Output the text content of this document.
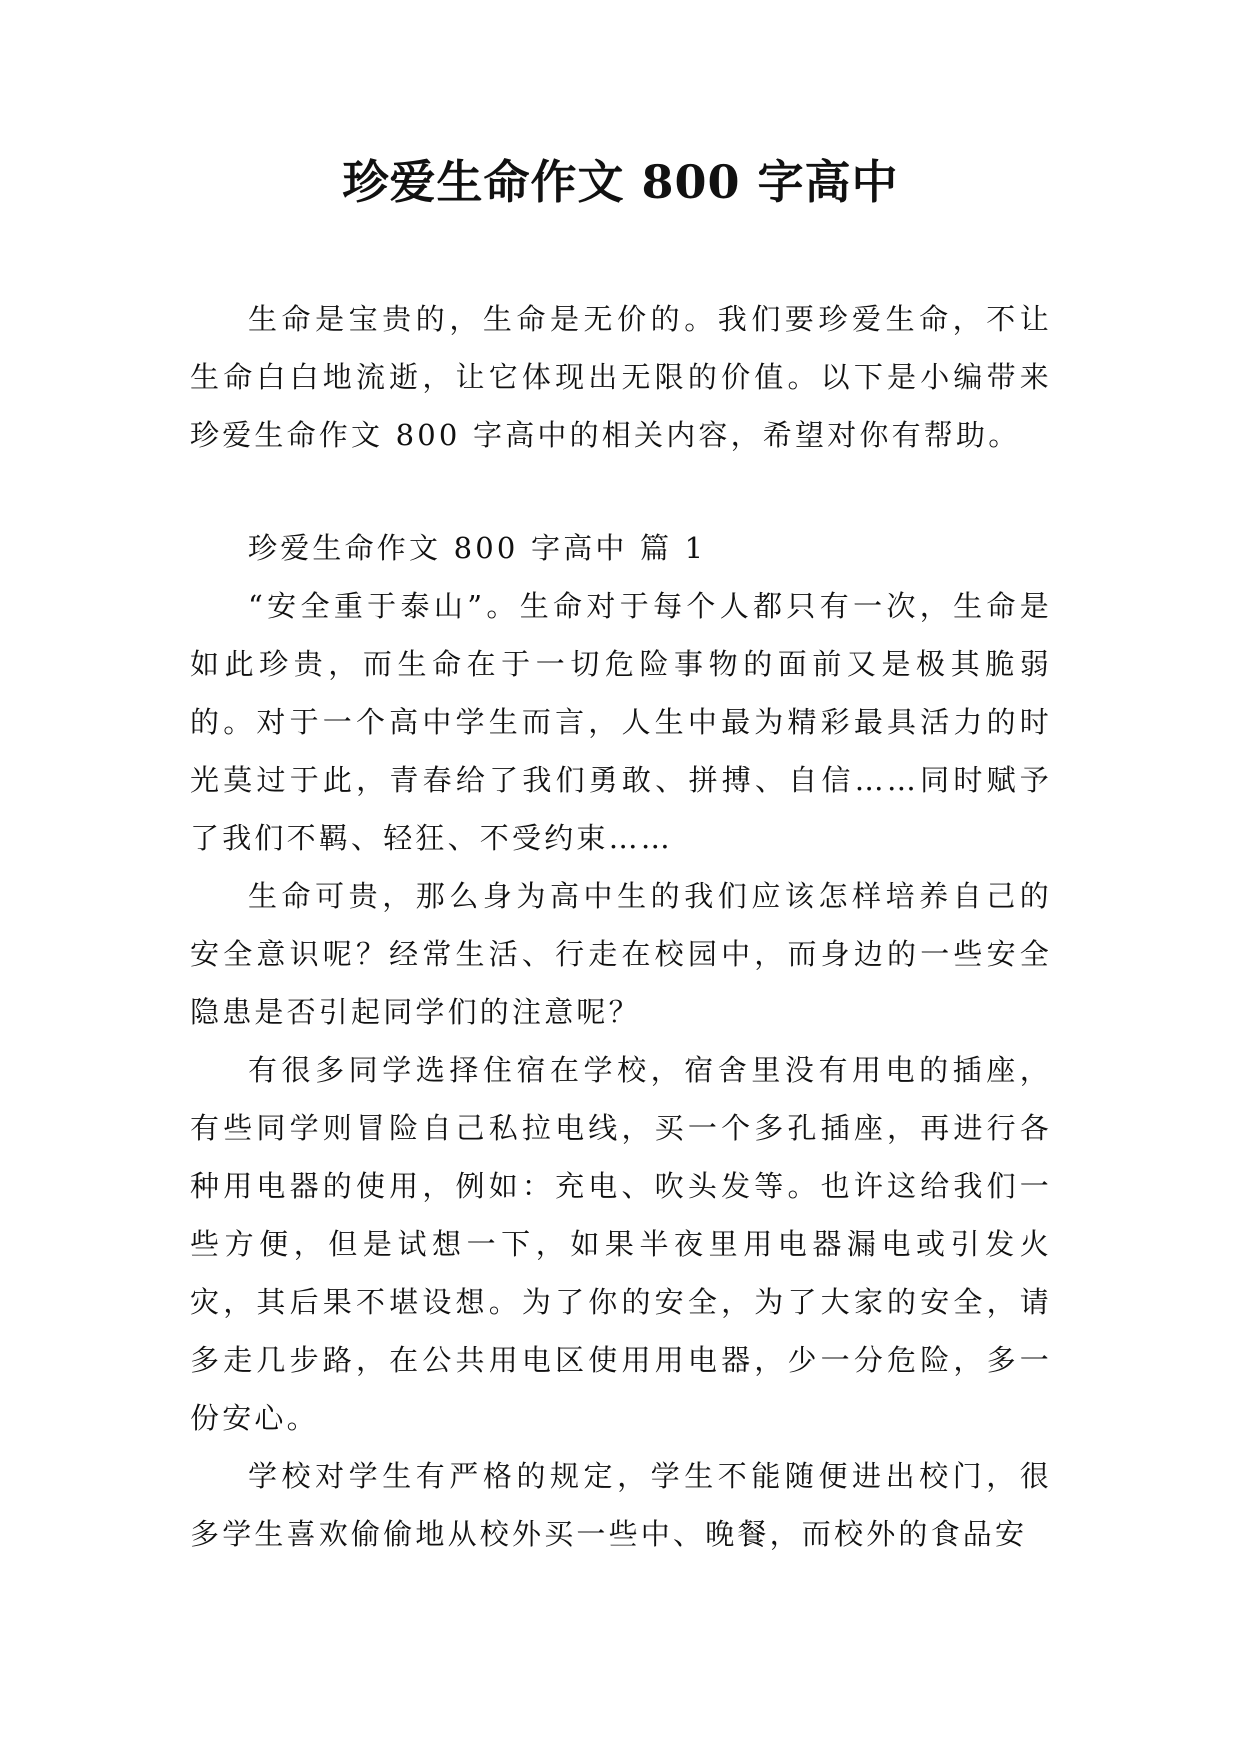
珍爱生命作文 800 字高中

生命是宝贵的，生命是无价的。我们要珍爱生命，不让生命白白地流逝，让它体现出无限的价值。以下是小编带来珍爱生命作文 800 字高中的相关内容，希望对你有帮助。

珍爱生命作文 800 字高中 篇 1

“安全重于泰山”。生命对于每个人都只有一次，生命是如此珍贵，而生命在于一切危险事物的面前又是极其脆弱的。对于一个高中学生而言，人生中最为精彩最具活力的时光莫过于此，青春给了我们勇敢、拼搏、自信……同时赋予了我们不羁、轻狂、不受约束……

生命可贵，那么身为高中生的我们应该怎样培养自己的安全意识呢？经常生活、行走在校园中，而身边的一些安全隐患是否引起同学们的注意呢？

有很多同学选择住宿在学校，宿舍里没有用电的插座，有些同学则冒险自己私拉电线，买一个多孔插座，再进行各种用电器的使用，例如：充电、吹头发等。也许这给我们一些方便，但是试想一下，如果半夜里用电器漏电或引发火灾，其后果不堪设想。为了你的安全，为了大家的安全，请多走几步路，在公共用电区使用用电器，少一分危险，多一份安心。

学校对学生有严格的规定，学生不能随便进出校门，很多学生喜欢偷偷地从校外买一些中、晚餐，而校外的食品安
